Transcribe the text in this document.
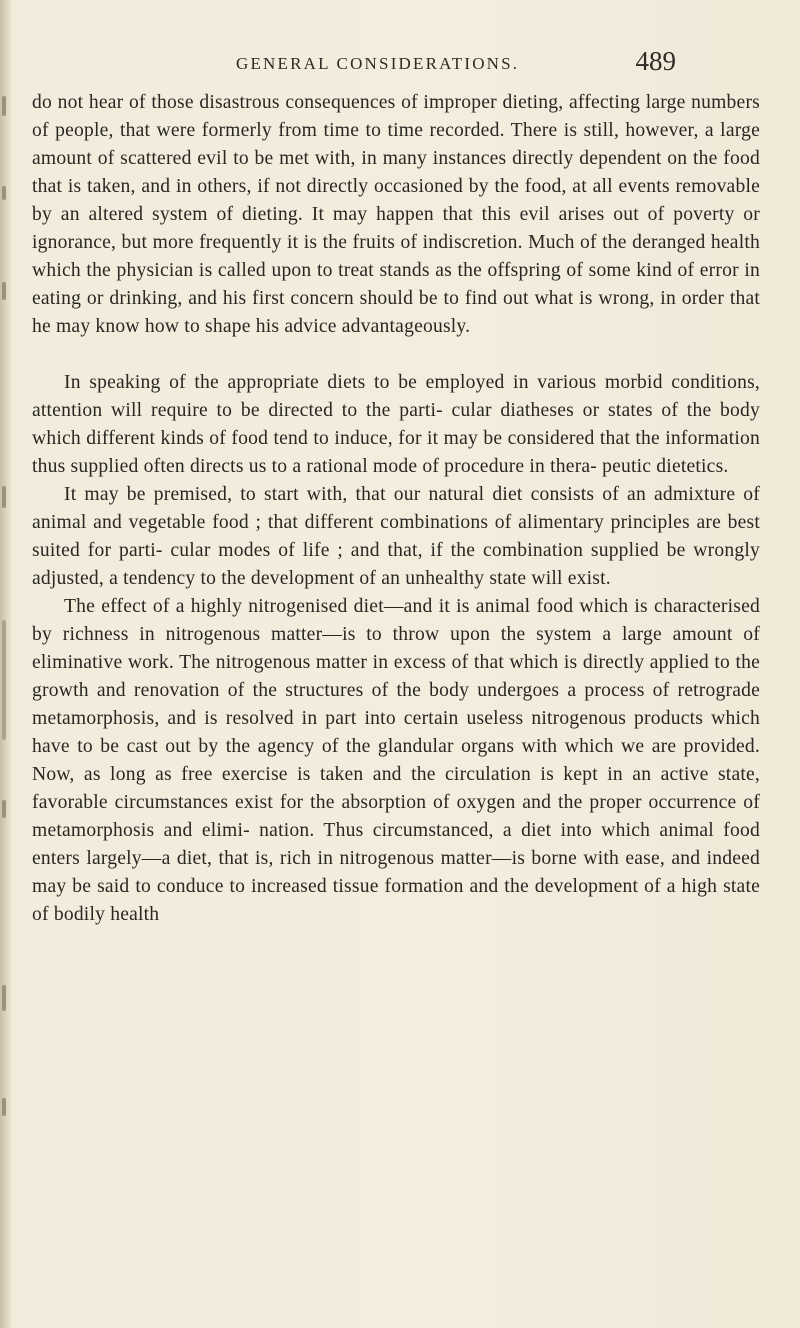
GENERAL CONSIDERATIONS.	489

do not hear of those disastrous consequences of improper dieting, affecting large numbers of people, that were formerly from time to time recorded. There is still, however, a large amount of scattered evil to be met with, in many instances directly dependent on the food that is taken, and in others, if not directly occasioned by the food, at all events removable by an altered system of dieting. It may happen that this evil arises out of poverty or ignorance, but more frequently it is the fruits of indiscretion. Much of the deranged health which the physician is called upon to treat stands as the offspring of some kind of error in eating or drinking, and his first concern should be to find out what is wrong, in order that he may know how to shape his advice advantageously.

In speaking of the appropriate diets to be employed in various morbid conditions, attention will require to be directed to the parti- cular diatheses or states of the body which different kinds of food tend to induce, for it may be considered that the information thus supplied often directs us to a rational mode of procedure in thera- peutic dietetics.

It may be premised, to start with, that our natural diet consists of an admixture of animal and vegetable food ; that different combinations of alimentary principles are best suited for parti- cular modes of life ; and that, if the combination supplied be wrongly adjusted, a tendency to the development of an unhealthy state will exist.

The effect of a highly nitrogenised diet—and it is animal food which is characterised by richness in nitrogenous matter—is to throw upon the system a large amount of eliminative work. The nitrogenous matter in excess of that which is directly applied to the growth and renovation of the structures of the body undergoes a process of retrograde metamorphosis, and is resolved in part into certain useless nitrogenous products which have to be cast out by the agency of the glandular organs with which we are provided. Now, as long as free exercise is taken and the circulation is kept in an active state, favorable circumstances exist for the absorption of oxygen and the proper occurrence of metamorphosis and elimi- nation. Thus circumstanced, a diet into which animal food enters largely—a diet, that is, rich in nitrogenous matter—is borne with ease, and indeed may be said to conduce to increased tissue formation and the development of a high state of bodily health
